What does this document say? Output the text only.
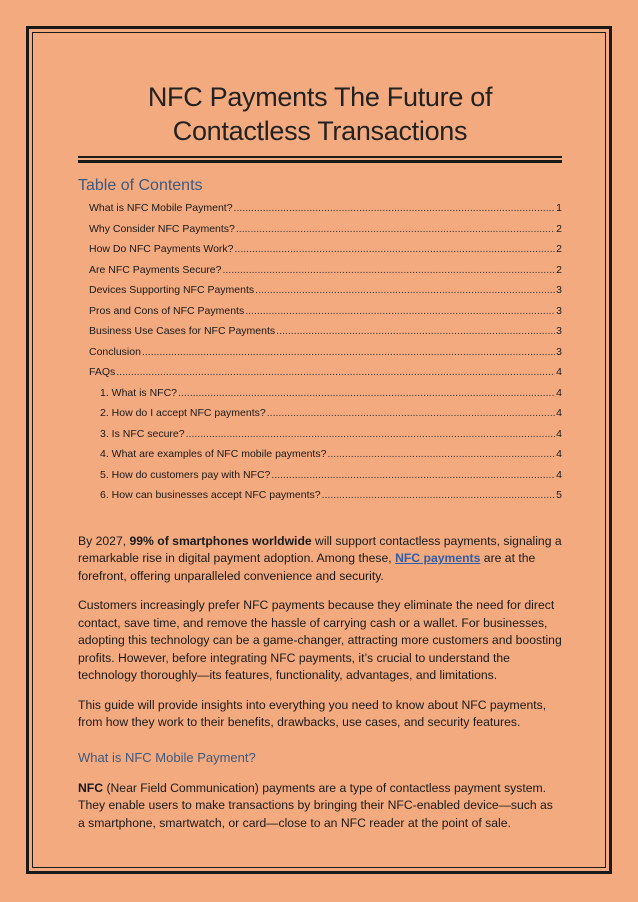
NFC Payments The Future of Contactless Transactions
Table of Contents
What is NFC Mobile Payment? .....	1
Why Consider NFC Payments? .....	2
How Do NFC Payments Work? .....	2
Are NFC Payments Secure? .....	2
Devices Supporting NFC Payments .....	3
Pros and Cons of NFC Payments .....	3
Business Use Cases for NFC Payments .....	3
Conclusion .....	3
FAQs .....	4
1. What is NFC? .....	4
2. How do I accept NFC payments? .....	4
3. Is NFC secure? .....	4
4. What are examples of NFC mobile payments? .....	4
5. How do customers pay with NFC? .....	4
6. How can businesses accept NFC payments? .....	5

By 2027, 99% of smartphones worldwide will support contactless payments, signaling a remarkable rise in digital payment adoption. Among these, NFC payments are at the forefront, offering unparalleled convenience and security.

Customers increasingly prefer NFC payments because they eliminate the need for direct contact, save time, and remove the hassle of carrying cash or a wallet. For businesses, adopting this technology can be a game-changer, attracting more customers and boosting profits. However, before integrating NFC payments, it’s crucial to understand the technology thoroughly—its features, functionality, advantages, and limitations.

This guide will provide insights into everything you need to know about NFC payments, from how they work to their benefits, drawbacks, use cases, and security features.

What is NFC Mobile Payment?

NFC (Near Field Communication) payments are a type of contactless payment system. They enable users to make transactions by bringing their NFC-enabled device—such as a smartphone, smartwatch, or card—close to an NFC reader at the point of sale.
